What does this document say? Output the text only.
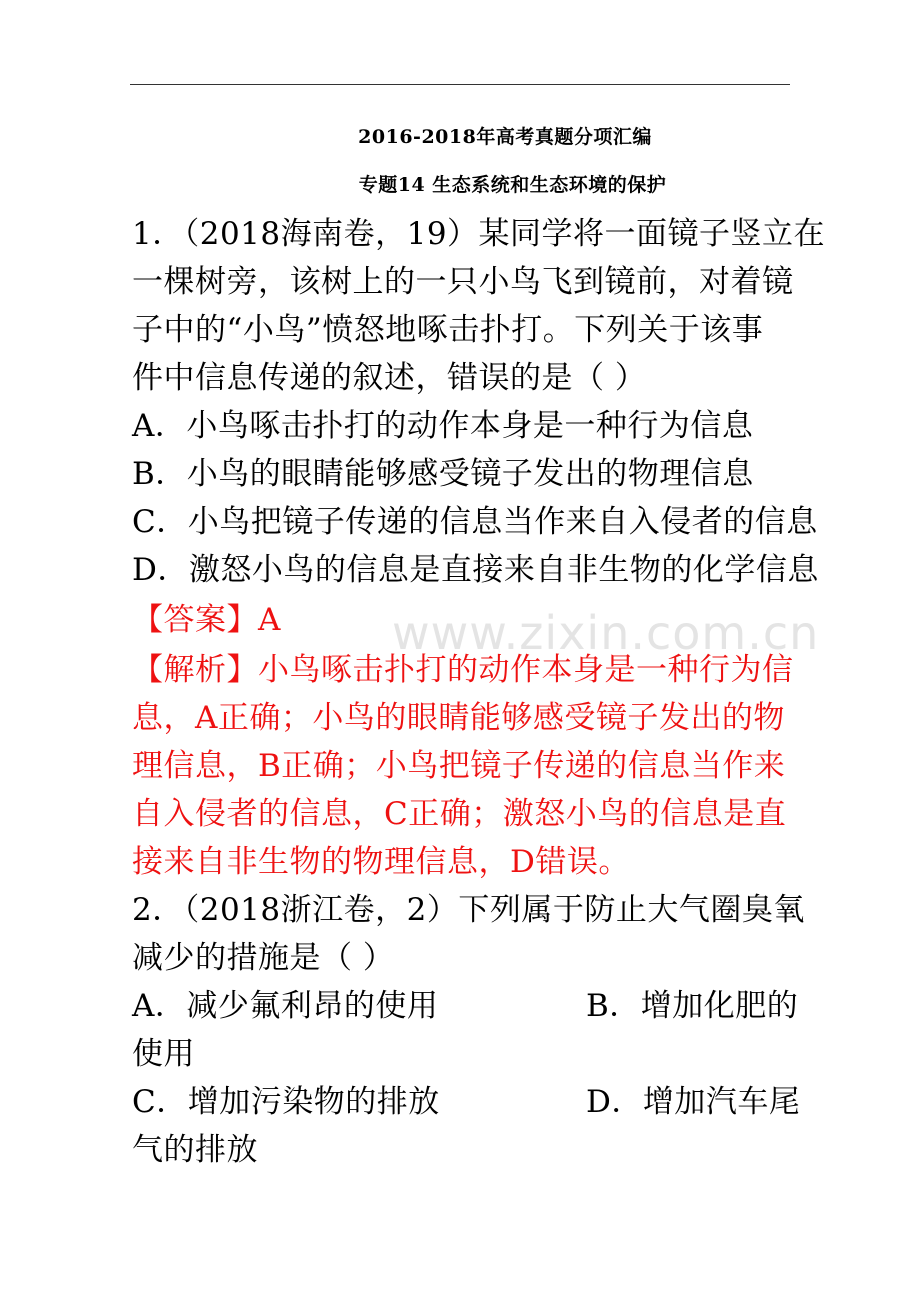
www.zixin.com.cn
2016-2018年高考真题分项汇编
专题14 生态系统和生态环境的保护
1．（2018海南卷，19）某同学将一面镜子竖立在
一棵树旁，该树上的一只小鸟飞到镜前，对着镜
子中的“小鸟”愤怒地啄击扑打。下列关于该事
件中信息传递的叙述，错误的是（ ）
A．小鸟啄击扑打的动作本身是一种行为信息
B．小鸟的眼睛能够感受镜子发出的物理信息
C．小鸟把镜子传递的信息当作来自入侵者的信息
D．激怒小鸟的信息是直接来自非生物的化学信息
【答案】A
【解析】小鸟啄击扑打的动作本身是一种行为信
息，A正确；小鸟的眼睛能够感受镜子发出的物
理信息，B正确；小鸟把镜子传递的信息当作来
自入侵者的信息，C正确；激怒小鸟的信息是直
接来自非生物的物理信息，D错误。
2．（2018浙江卷，2）下列属于防止大气圈臭氧
减少的措施是（ ）
A．减少氟利昂的使用	B．增加化肥的
使用
C．增加污染物的排放	D．增加汽车尾
气的排放
